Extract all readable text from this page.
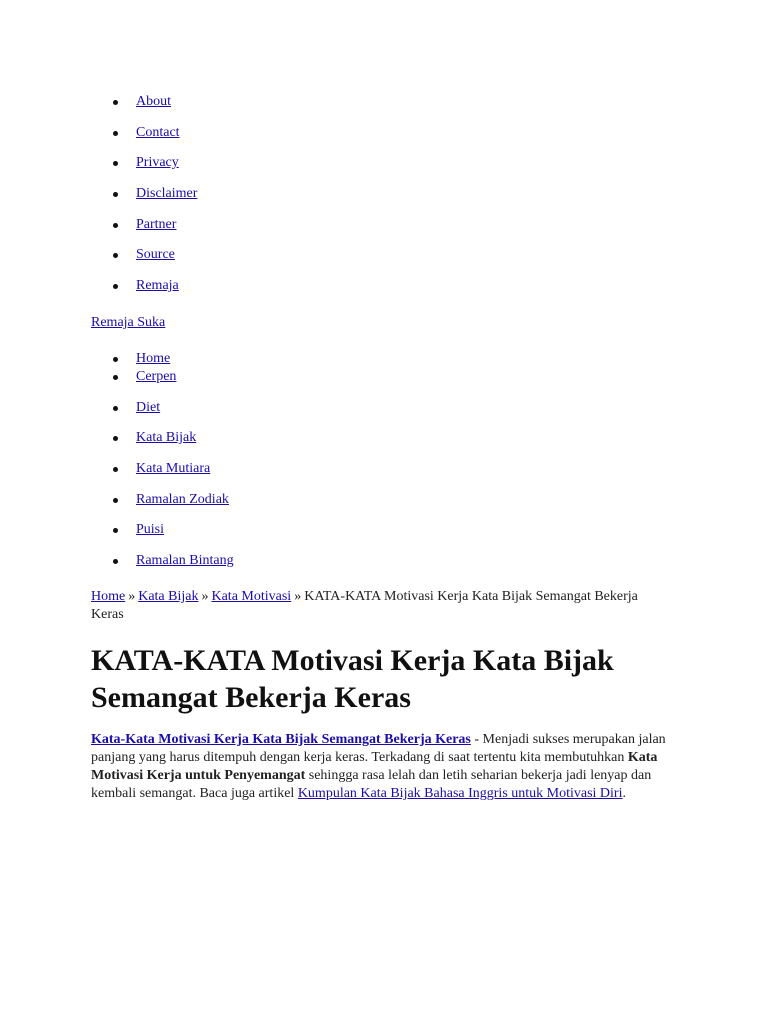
About
Contact
Privacy
Disclaimer
Partner
Source
Remaja
Remaja Suka
Home
Cerpen
Diet
Kata Bijak
Kata Mutiara
Ramalan Zodiak
Puisi
Ramalan Bintang
Home » Kata Bijak » Kata Motivasi » KATA-KATA Motivasi Kerja Kata Bijak Semangat Bekerja Keras
KATA-KATA Motivasi Kerja Kata Bijak Semangat Bekerja Keras
Kata-Kata Motivasi Kerja Kata Bijak Semangat Bekerja Keras - Menjadi sukses merupakan jalan panjang yang harus ditempuh dengan kerja keras. Terkadang di saat tertentu kita membutuhkan Kata Motivasi Kerja untuk Penyemangat sehingga rasa lelah dan letih seharian bekerja jadi lenyap dan kembali semangat. Baca juga artikel Kumpulan Kata Bijak Bahasa Inggris untuk Motivasi Diri.
